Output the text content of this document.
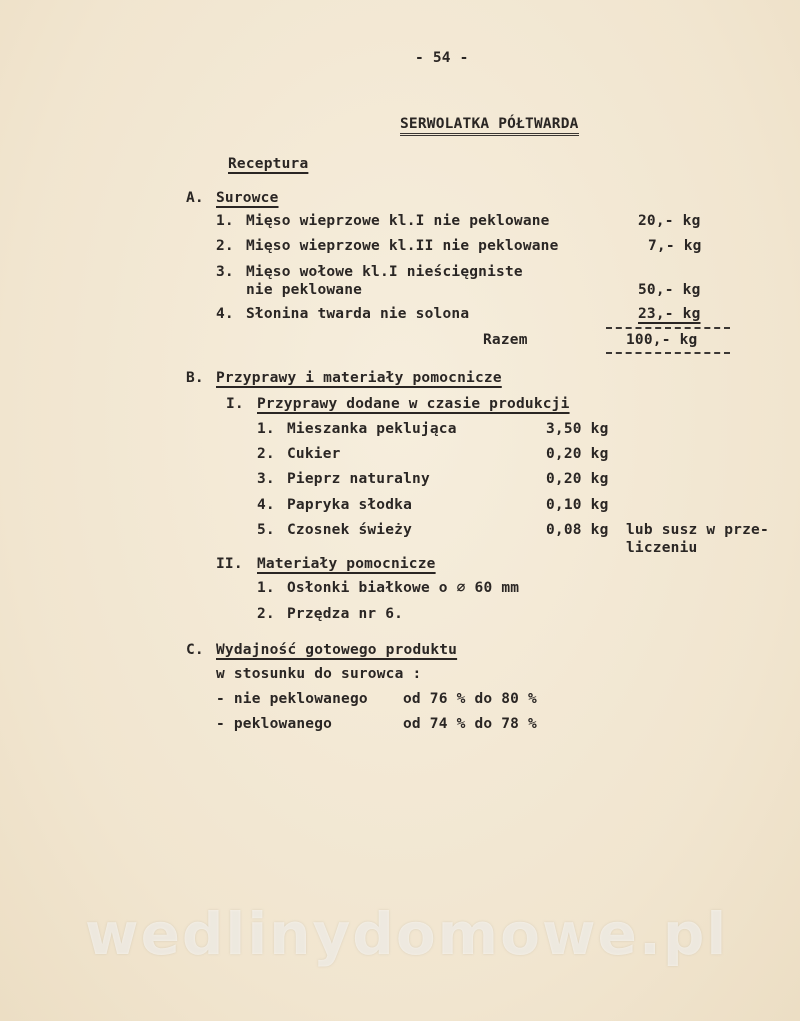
- 54 -
SERWOLATKA PÓŁTWARDA
Receptura
A. Surowce
1. Mięso wieprzowe kl.I nie peklowane	20,- kg
2. Mięso wieprzowe kl.II nie peklowane	7,- kg
3. Mięso wołowe kl.I nieścięgniste
nie peklowane	50,- kg
4. Słonina twarda nie solona	23,- kg
Razem	100,- kg
B. Przyprawy i materiały pomocnicze
I. Przyprawy dodane w czasie produkcji
1. Mieszanka peklująca	3,50 kg
2. Cukier	0,20 kg
3. Pieprz naturalny	0,20 kg
4. Papryka słodka	0,10 kg
5. Czosnek świeży	0,08 kg lub susz w prze-
liczeniu
II. Materiały pomocnicze
1. Osłonki białkowe o ∅ 60 mm
2. Przędza nr 6.
C. Wydajność gotowego produktu
w stosunku do surowca :
- nie peklowanego od 76 % do 80 %
- peklowanego	od 74 % do 78 %
wedlinydomowe.pl
